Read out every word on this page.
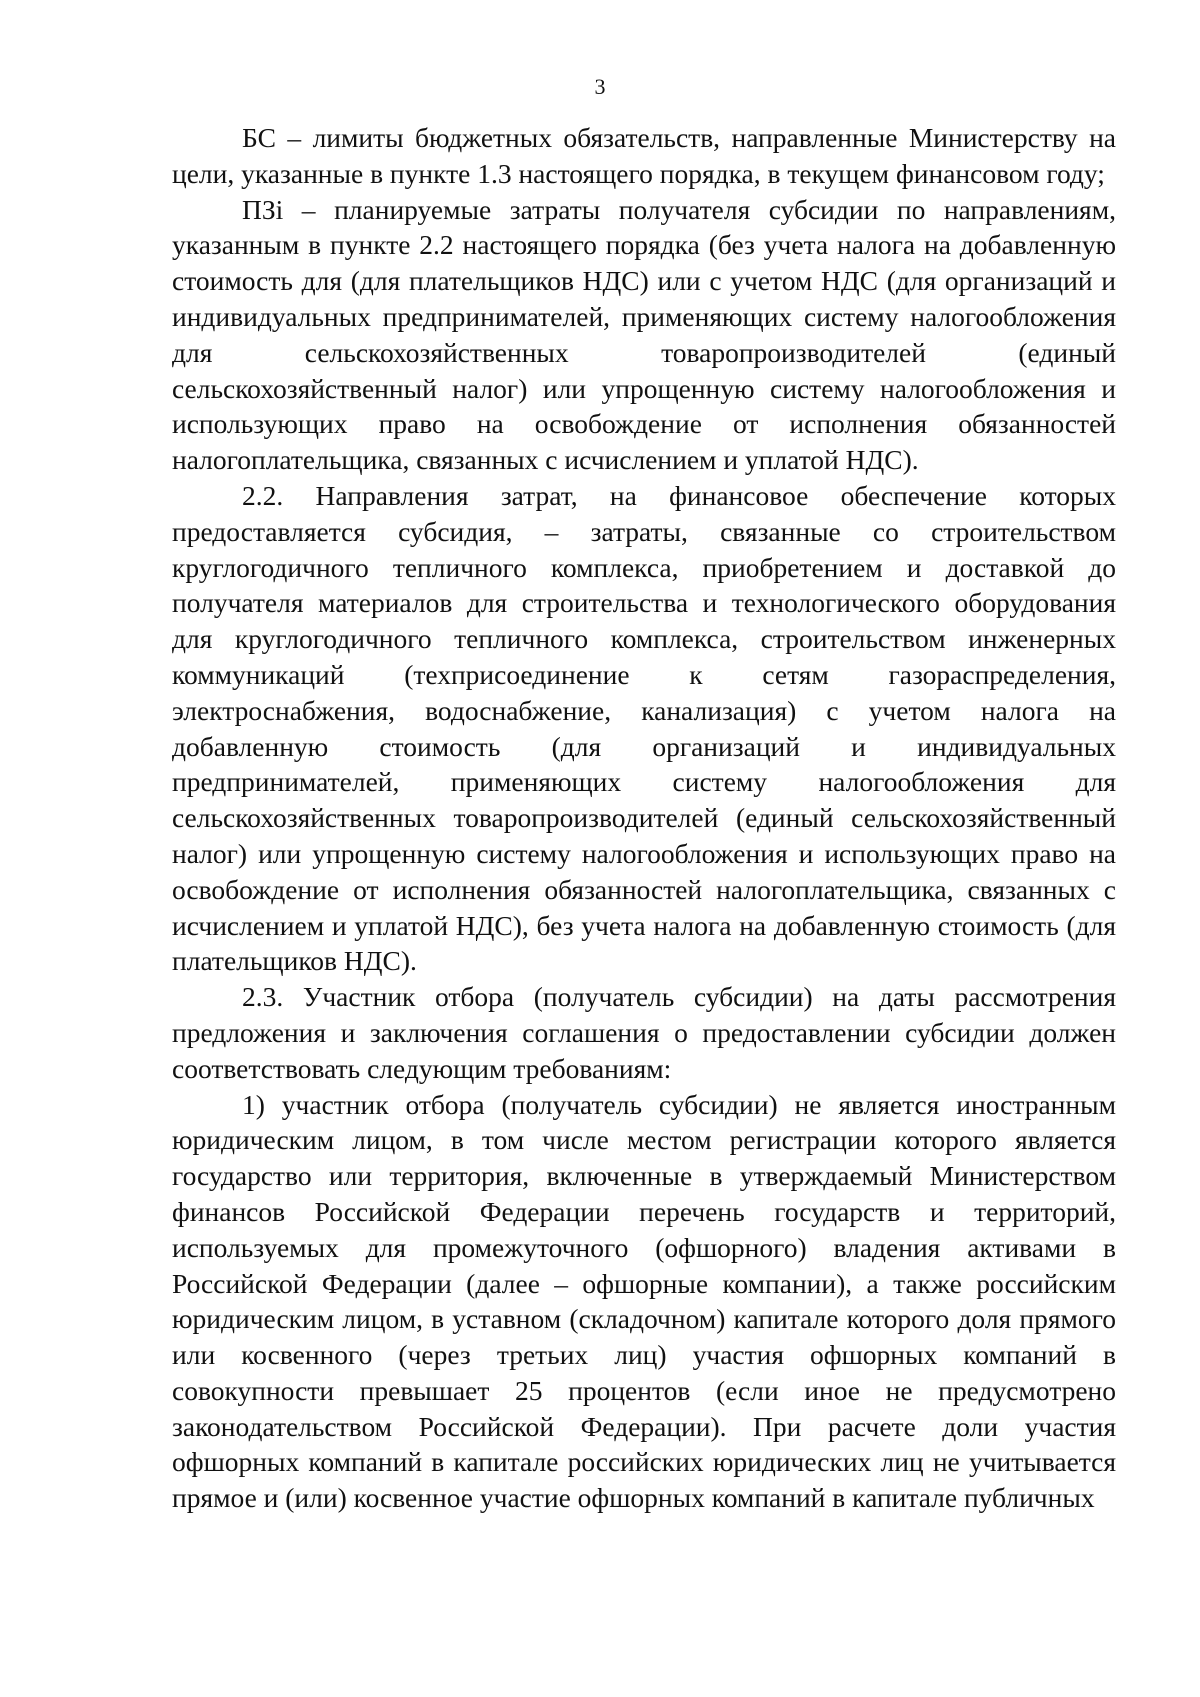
3

БС – лимиты бюджетных обязательств, направленные Министерству на цели, указанные в пункте 1.3 настоящего порядка, в текущем финансовом году;

ПЗі – планируемые затраты получателя субсидии по направлениям, указанным в пункте 2.2 настоящего порядка (без учета налога на добавленную стоимость для (для плательщиков НДС) или с учетом НДС (для организаций и индивидуальных предпринимателей, применяющих систему налогообложения для сельскохозяйственных товаропроизводителей (единый сельскохозяйственный налог) или упрощенную систему налогообложения и использующих право на освобождение от исполнения обязанностей налогоплательщика, связанных с исчислением и уплатой НДС).

2.2. Направления затрат, на финансовое обеспечение которых предоставляется субсидия, – затраты, связанные со строительством круглогодичного тепличного комплекса, приобретением и доставкой до получателя материалов для строительства и технологического оборудования для круглогодичного тепличного комплекса, строительством инженерных коммуникаций (техприсоединение к сетям газораспределения, электроснабжения, водоснабжение, канализация) с учетом налога на добавленную стоимость (для организаций и индивидуальных предпринимателей, применяющих систему налогообложения для сельскохозяйственных товаропроизводителей (единый сельскохозяйственный налог) или упрощенную систему налогообложения и использующих право на освобождение от исполнения обязанностей налогоплательщика, связанных с исчислением и уплатой НДС), без учета налога на добавленную стоимость (для плательщиков НДС).

2.3. Участник отбора (получатель субсидии) на даты рассмотрения предложения и заключения соглашения о предоставлении субсидии должен соответствовать следующим требованиям:

1) участник отбора (получатель субсидии) не является иностранным юридическим лицом, в том числе местом регистрации которого является государство или территория, включенные в утверждаемый Министерством финансов Российской Федерации перечень государств и территорий, используемых для промежуточного (офшорного) владения активами в Российской Федерации (далее – офшорные компании), а также российским юридическим лицом, в уставном (складочном) капитале которого доля прямого или косвенного (через третьих лиц) участия офшорных компаний в совокупности превышает 25 процентов (если иное не предусмотрено законодательством Российской Федерации). При расчете доли участия офшорных компаний в капитале российских юридических лиц не учитывается прямое и (или) косвенное участие офшорных компаний в капитале публичных
